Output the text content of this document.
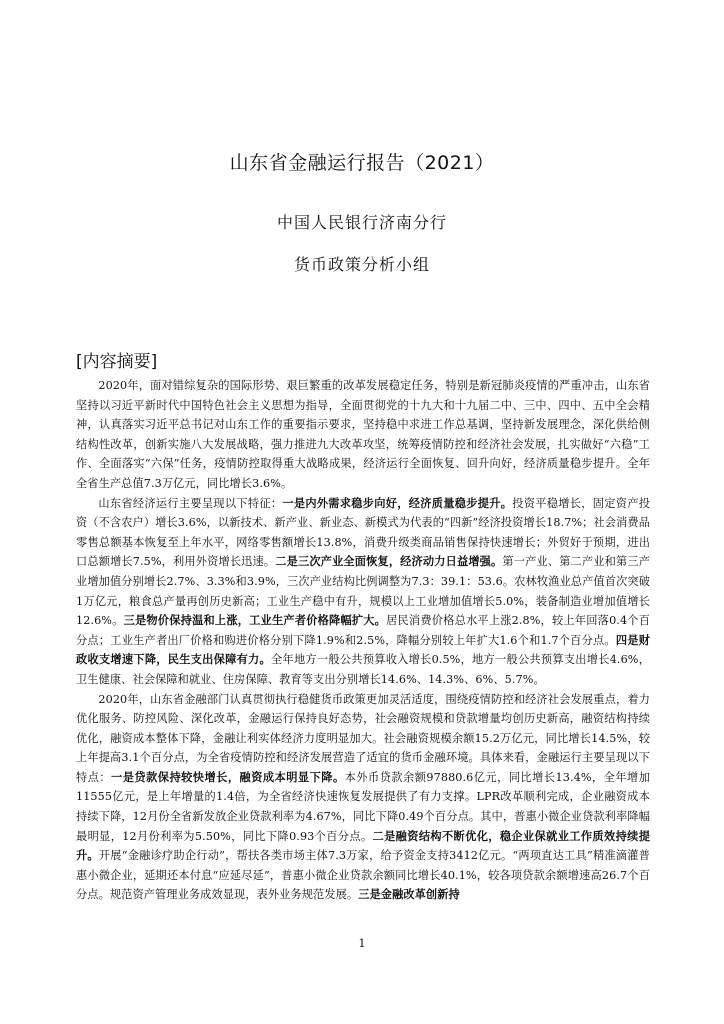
山东省金融运行报告（2021）
中国人民银行济南分行
货币政策分析小组
[内容摘要]

2020年，面对错综复杂的国际形势、艰巨繁重的改革发展稳定任务，特别是新冠肺炎疫情的严重冲击，山东省坚持以习近平新时代中国特色社会主义思想为指导，全面贯彻党的十九大和十九届二中、三中、四中、五中全会精神，认真落实习近平总书记对山东工作的重要指示要求，坚持稳中求进工作总基调，坚持新发展理念，深化供给侧结构性改革，创新实施八大发展战略，强力推进九大改革攻坚，统筹疫情防控和经济社会发展，扎实做好“六稳”工作、全面落实“六保”任务，疫情防控取得重大战略成果，经济运行全面恢复、回升向好，经济质量稳步提升。全年全省生产总值7.3万亿元，同比增长3.6%。

山东省经济运行主要呈现以下特征：一是内外需求稳步向好，经济质量稳步提升。投资平稳增长，固定资产投资（不含农户）增长3.6%，以新技术、新产业、新业态、新模式为代表的“四新”经济投资增长18.7%；社会消费品零售总额基本恢复至上年水平，网络零售额增长13.8%，消费升级类商品销售保持快速增长；外贸好于预期，进出口总额增长7.5%，利用外资增长迅速。二是三次产业全面恢复，经济动力日益增强。第一产业、第二产业和第三产业增加值分别增长2.7%、3.3%和3.9%，三次产业结构比例调整为7.3：39.1：53.6。农林牧渔业总产值首次突破1万亿元，粮食总产量再创历史新高；工业生产稳中有升，规模以上工业增加值增长5.0%，装备制造业增加值增长12.6%。三是物价保持温和上涨，工业生产者价格降幅扩大。居民消费价格总水平上涨2.8%，较上年回落0.4个百分点；工业生产者出厂价格和购进价格分别下降1.9%和2.5%，降幅分别较上年扩大1.6个和1.7个百分点。四是财政收支增速下降，民生支出保障有力。全年地方一般公共预算收入增长0.5%，地方一般公共预算支出增长4.6%，卫生健康、社会保障和就业、住房保障、教育等支出分别增长14.6%、14.3%、6%、5.7%。

2020年，山东省金融部门认真贯彻执行稳健货币政策更加灵活适度，围绕疫情防控和经济社会发展重点，着力优化服务、防控风险、深化改革，金融运行保持良好态势，社会融资规模和贷款增量均创历史新高，融资结构持续优化，融资成本整体下降，金融让利实体经济力度明显加大。社会融资规模余额15.2万亿元，同比增长14.5%，较上年提高3.1个百分点，为全省疫情防控和经济发展营造了适宜的货币金融环境。具体来看，金融运行主要呈现以下特点：一是贷款保持较快增长，融资成本明显下降。本外币贷款余额97880.6亿元，同比增长13.4%，全年增加11555亿元，是上年增量的1.4倍，为全省经济快速恢复发展提供了有力支撑。LPR改革顺利完成，企业融资成本持续下降，12月份全省新发放企业贷款利率为4.67%，同比下降0.49个百分点。其中，普惠小微企业贷款利率降幅最明显，12月份利率为5.50%，同比下降0.93个百分点。二是融资结构不断优化，稳企业保就业工作质效持续提升。开展“金融诊疗助企行动”，帮扶各类市场主体7.3万家，给予资金支持3412亿元。“两项直达工具”精准滴灌普惠小微企业，延期还本付息“应延尽延”，普惠小微企业贷款余额同比增长40.1%，较各项贷款余额增速高26.7个百分点。规范资产管理业务成效显现，表外业务规范发展。三是金融改革创新持

1
